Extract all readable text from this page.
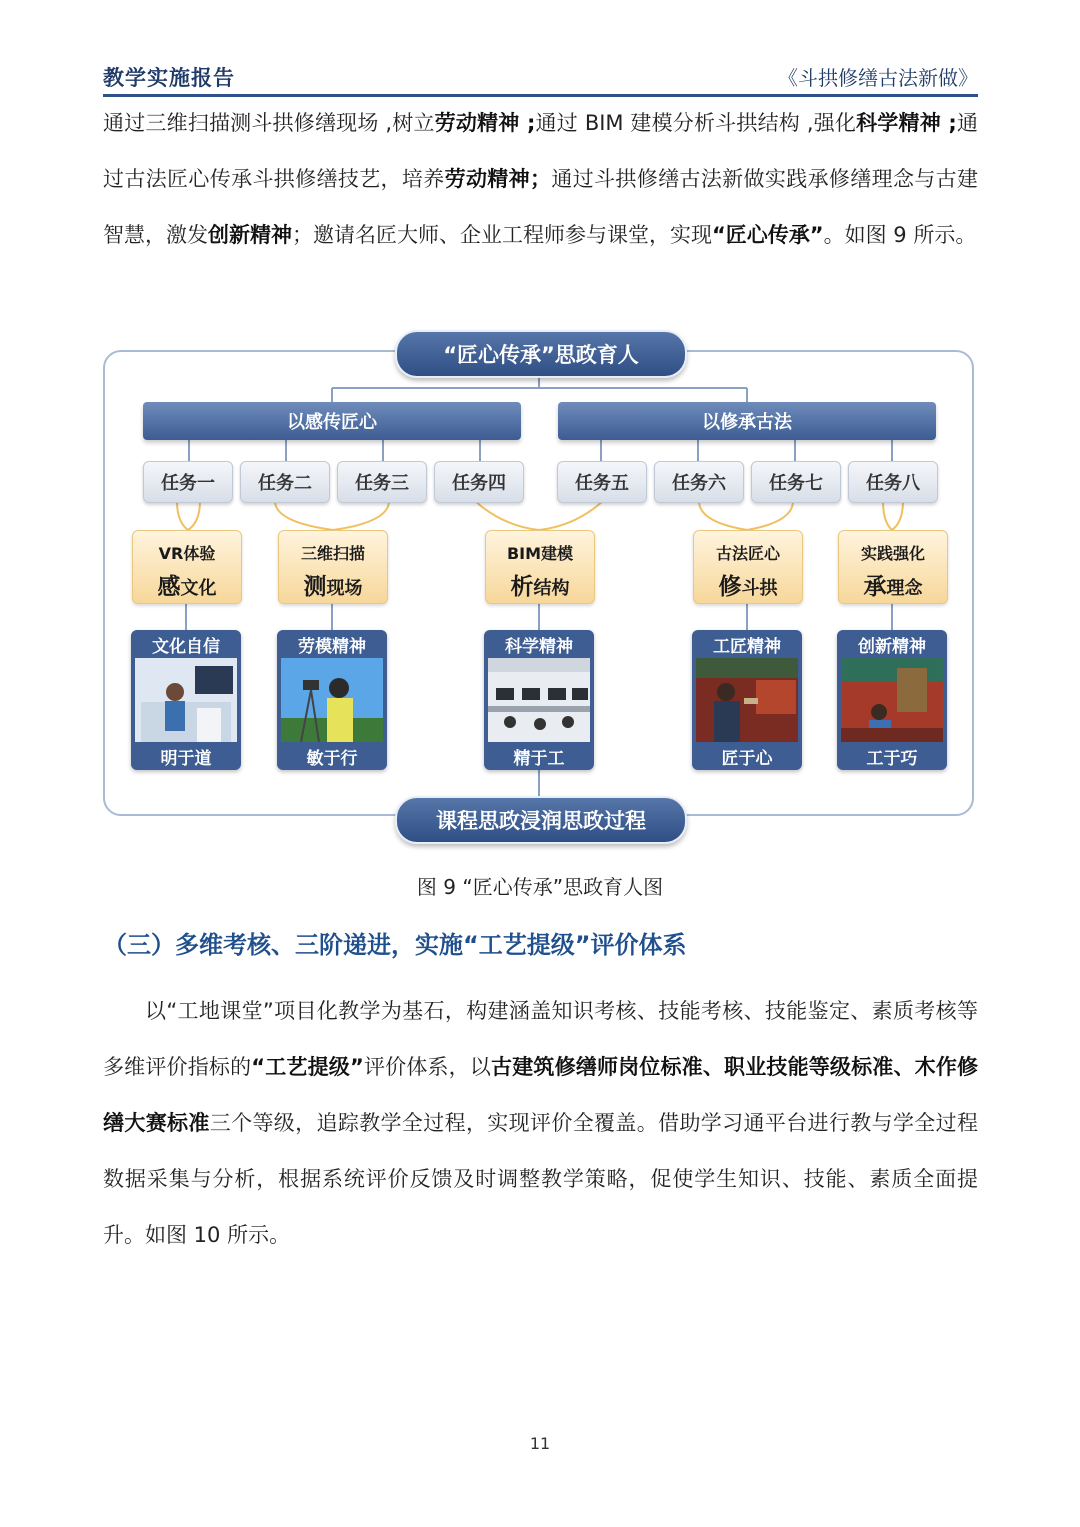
教学实施报告	《斗拱修缮古法新做》
通过三维扫描测斗拱修缮现场 ,树立劳动精神 ;通过 BIM 建模分析斗拱结构 ,强化科学精神 ;通过古法匠心传承斗拱修缮技艺，培养劳动精神；通过斗拱修缮古法新做实践承修缮理念与古建智慧，激发创新精神；邀请名匠大师、企业工程师参与课堂，实现“匠心传承”。如图 9 所示。
“匠心传承”思政育人
以感传匠心	以修承古法
任务一	任务二	任务三	任务四	任务五	任务六	任务七	任务八
VR体验
感文化
三维扫描
测现场
BIM建模
析结构
古法匠心
修斗拱
实践强化
承理念
文化自信
明于道
劳模精神
敏于行
科学精神
精于工
工匠精神
匠于心
创新精神
工于巧
课程思政浸润思政过程
图 9 “匠心传承”思政育人图
（三）多维考核、三阶递进，实施“工艺提级”评价体系
以“工地课堂”项目化教学为基石，构建涵盖知识考核、技能考核、技能鉴定、素质考核等多维评价指标的“工艺提级”评价体系，以古建筑修缮师岗位标准、职业技能等级标准、木作修缮大赛标准三个等级，追踪教学全过程，实现评价全覆盖。借助学习通平台进行教与学全过程数据采集与分析，根据系统评价反馈及时调整教学策略，促使学生知识、技能、素质全面提升。如图 10 所示。
11
